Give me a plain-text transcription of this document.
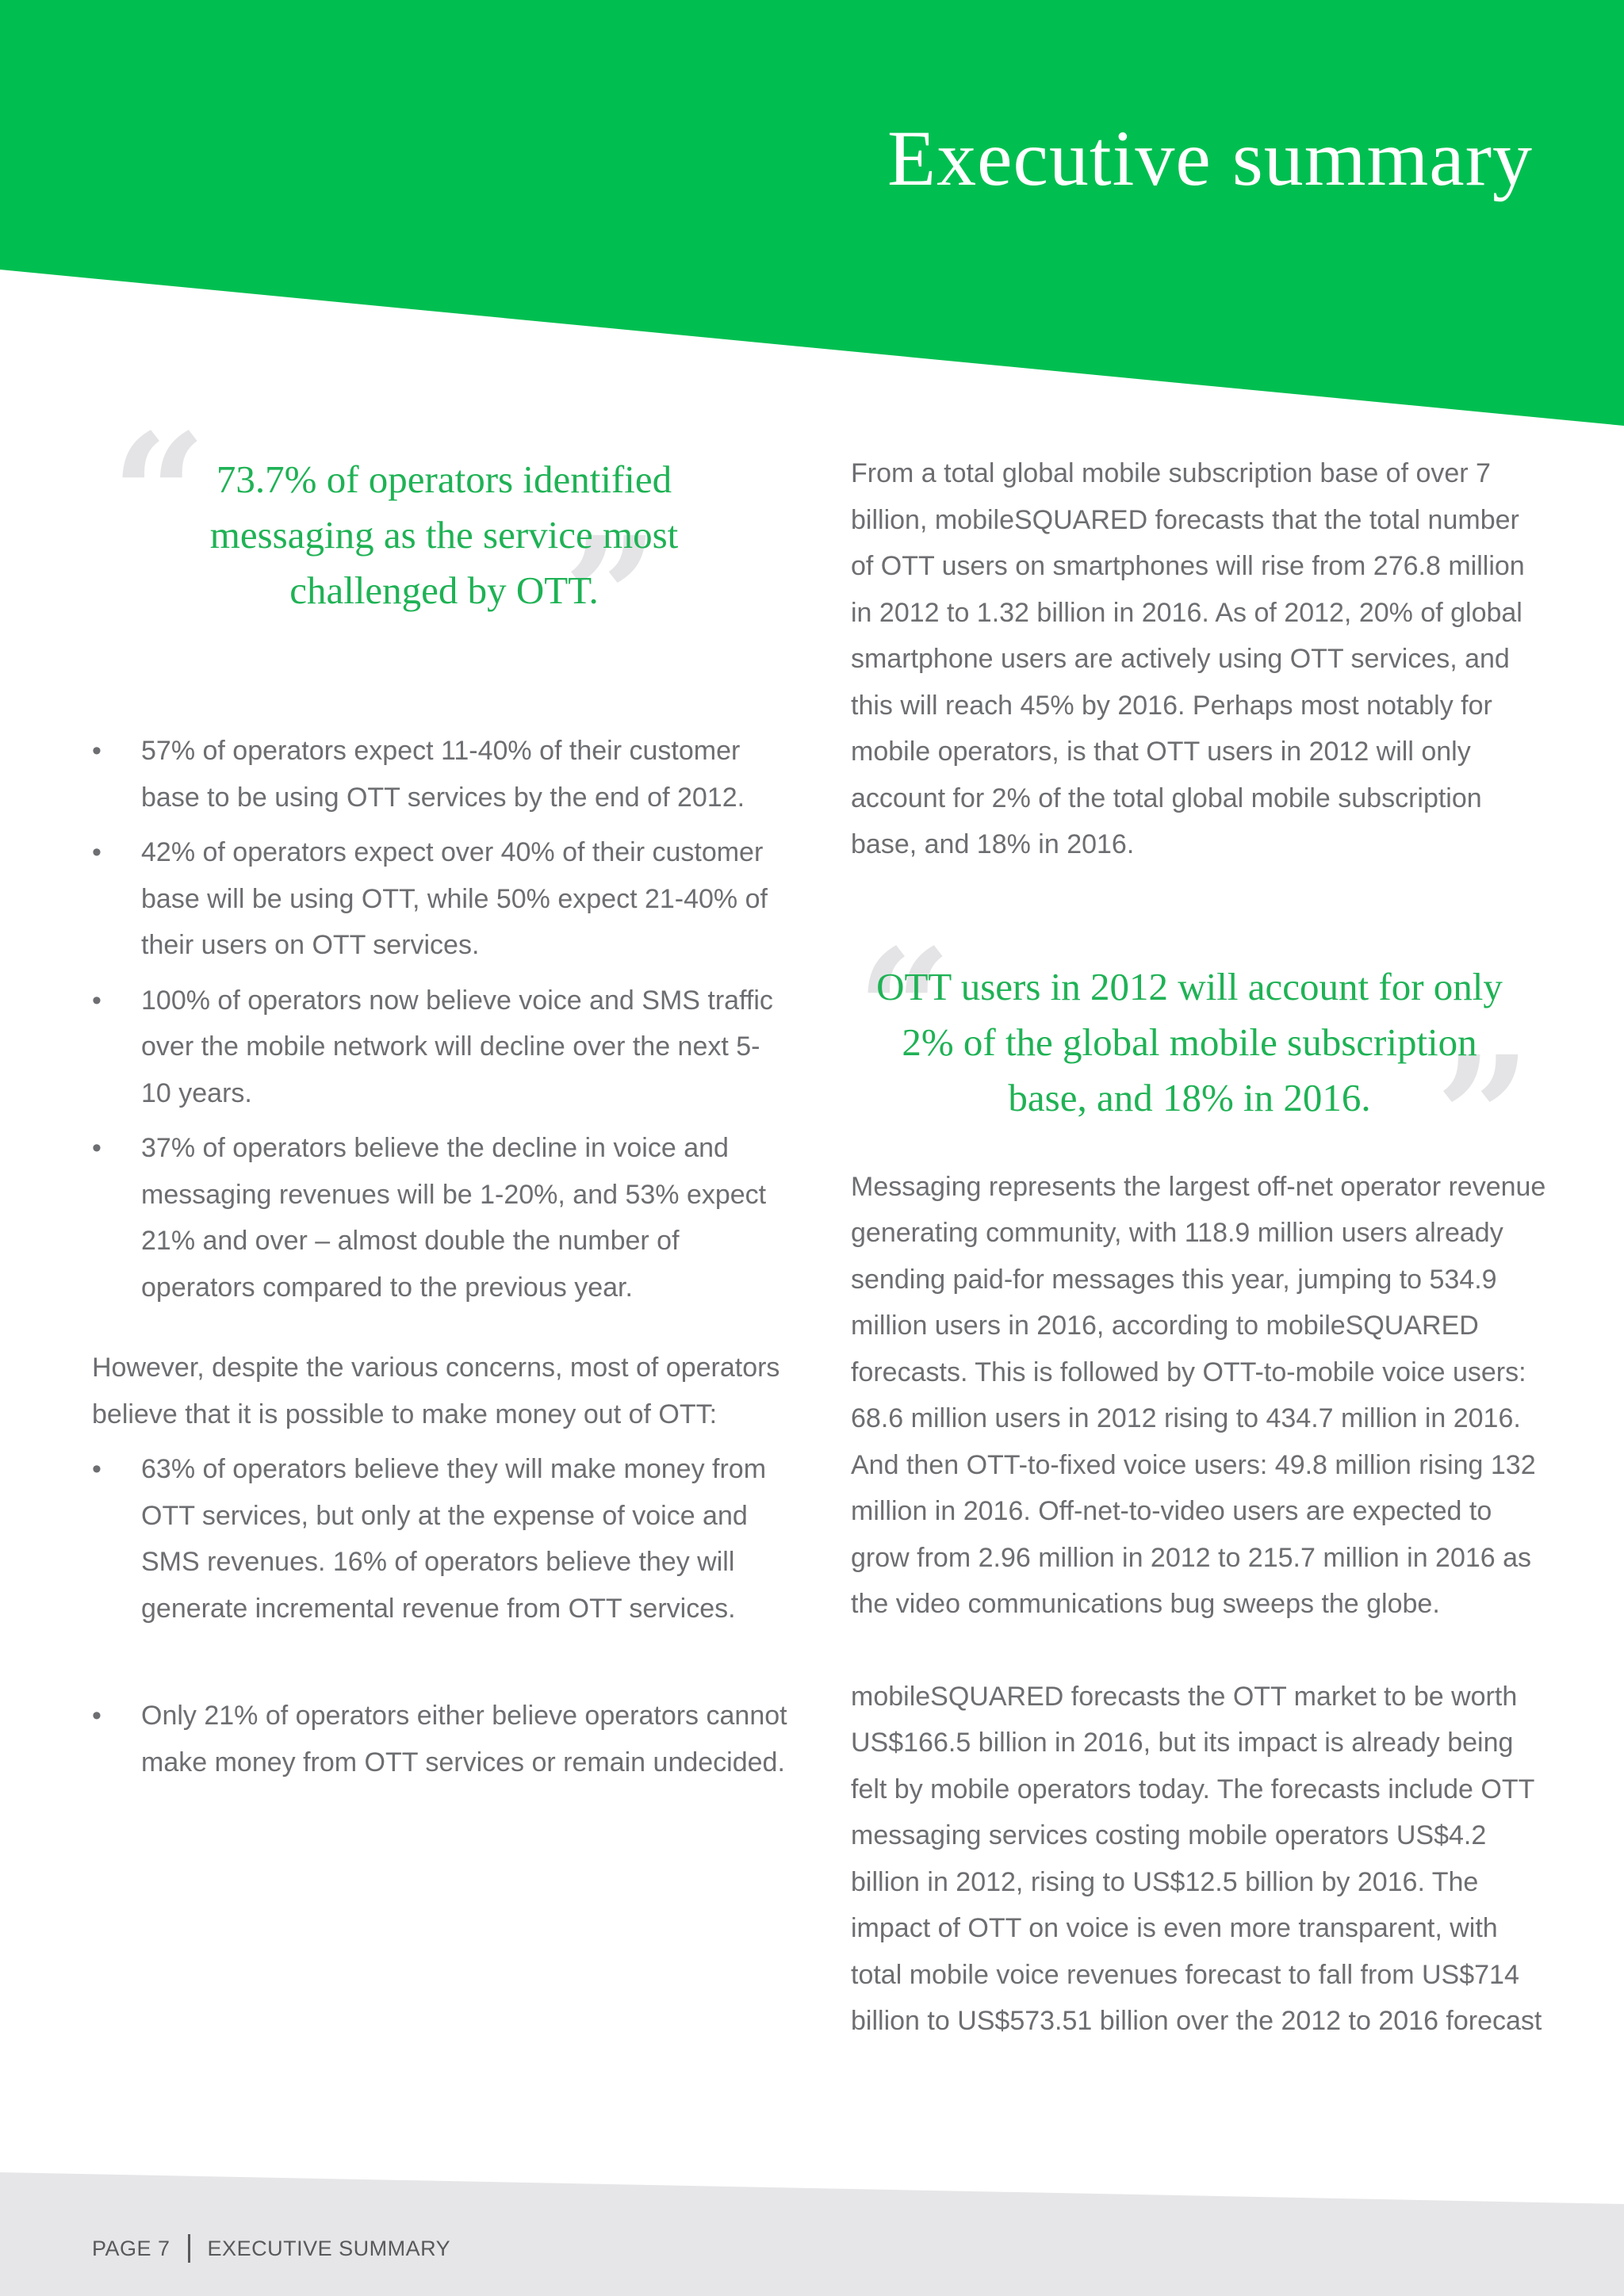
Executive summary
“
”

73.7% of operators identified messaging as the service most challenged by OTT.

• 57% of operators expect 11-40% of their customer base to be using OTT services by the end of 2012.
• 42% of operators expect over 40% of their customer base will be using OTT, while 50% expect 21-40% of their users on OTT services.
• 100% of operators now believe voice and SMS traffic over the mobile network will decline over the next 5-10 years.
• 37% of operators believe the decline in voice and messaging revenues will be 1-20%, and 53% expect 21% and over – almost double the number of operators compared to the previous year.

However, despite the various concerns, most of operators believe that it is possible to make money out of OTT:

• 63% of operators believe they will make money from OTT services, but only at the expense of voice and SMS revenues. 16% of operators believe they will generate incremental revenue from OTT services.
• Only 21% of operators either believe operators cannot make money from OTT services or remain undecided.

From a total global mobile subscription base of over 7 billion, mobileSQUARED forecasts that the total number of OTT users on smartphones will rise from 276.8 million in 2012 to 1.32 billion in 2016. As of 2012, 20% of global smartphone users are actively using OTT services, and this will reach 45% by 2016. Perhaps most notably for mobile operators, is that OTT users in 2012 will only account for 2% of the total global mobile subscription base, and 18% in 2016.

Messaging represents the largest off-net operator revenue generating community, with 118.9 million users already sending paid-for messages this year, jumping to 534.9 million users in 2016, according to mobileSQUARED forecasts. This is followed by OTT-to-mobile voice users: 68.6 million users in 2012 rising to 434.7 million in 2016. And then OTT-to-fixed voice users: 49.8 million rising 132 million in 2016. Off-net-to-video users are expected to grow from 2.96 million in 2012 to 215.7 million in 2016 as the video communications bug sweeps the globe.

mobileSQUARED forecasts the OTT market to be worth US$166.5 billion in 2016, but its impact is already being felt by mobile operators today. The forecasts include OTT messaging services costing mobile operators US$4.2 billion in 2012, rising to US$12.5 billion by 2016. The impact of OTT on voice is even more transparent, with total mobile voice revenues forecast to fall from US$714 billion to US$573.51 billion over the 2012 to 2016 forecast

“
”

OTT users in 2012 will account for only 2% of the global mobile subscription base, and 18% in 2016.

PAGE 7 EXECUTIVE SUMMARY
